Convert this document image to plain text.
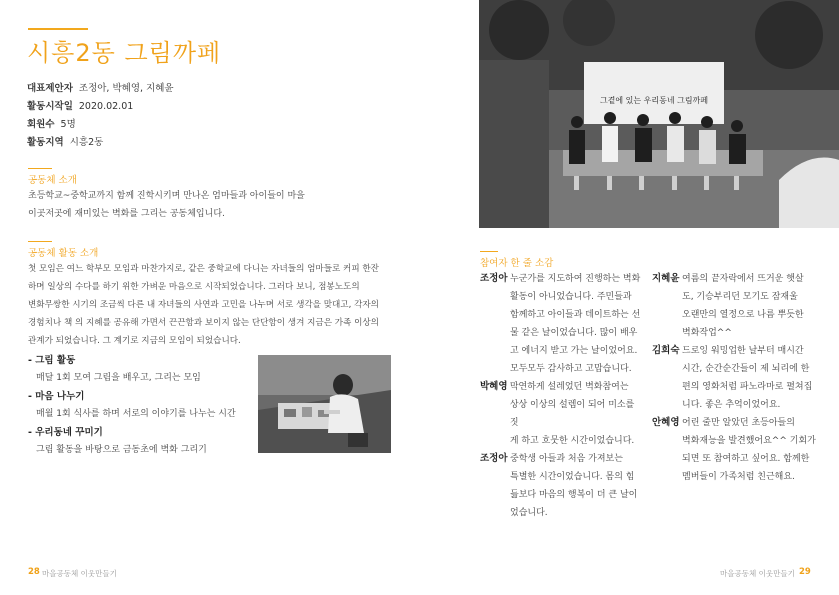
시흥2동 그림까페
대표제안자 조정아, 박혜영, 지혜윤
활동시작일 2020.02.01
회원수 5명
활동지역 시흥2동
공동체 소개
초등학교~중학교까지 함께 진학시키며 만나온 엄마들과 아이들이 마을
이곳저곳에 재미있는 벽화를 그리는 공동체입니다.
공동체 활동 소개
첫 모임은 여느 학부모 모임과 마찬가지로, 같은 중학교에 다니는 자녀들의 엄마들로 커피 한잔
하며 일상의 수다를 하기 위한 가벼운 마음으로 시작되었습니다. 그러다 보니, 점봉노도의
변화무쌍한 시기의 조금씩 다른 내 자녀들의 사연과 고민을 나누며 서로 생각을 맞대고, 각자의
경험치나 책 의 지혜를 공유해 가면서 끈끈함과 보이지 않는 단단함이 생겨 지금은 가족 이상의
관계가 되었습니다. 그 계기로 지금의 모임이 되었습니다.
- 그림 활동
매달 1회 모여 그림을 배우고, 그리는 모임
- 마음 나누기
매월 1회 식사를 하며 서로의 이야기를 나누는 시간
- 우리동네 꾸미기
그림 활동을 바탕으로 금동초에 벽화 그리기
28 마을공동체 이웃만들기
그곁에 있는 우리동네 그림까페
참여자 한 줄 소감
조정아 누군가를 지도하여 진행하는 벽화
활동이 아니었습니다. 주민들과
함께하고 아이들과 데이트하는 선
물 같은 날이었습니다. 많이 배우
고 에너지 받고 가는 날이었어요.
모두모두 감사하고 고맙습니다.
박혜영 막연하게 설레었던 벽화참여는
상상 이상의 설렘이 되어 미소를 짓
게 하고 흐뭇한 시간이었습니다.
조정아 중학생 아들과 처음 가져보는
특별한 시간이었습니다. 몸의 힘
듦보다 마음의 행복이 더 큰 날이
었습니다.
지혜윤 여름의 끝자락에서 뜨거운 햇살
도, 기승부리던 모기도 잠재울
오랜만의 열정으로 나름 뿌듯한
벽화작업^^
김희숙 드로잉 워밍업한 날부터 매시간
시간, 순간순간들이 제 뇌리에 한
편의 영화처럼 파노라마로 펼쳐집
니다. 좋은 추억이었어요.
안혜영 어린 줄만 알았던 초등아들의
벽화재능을 발견했어요^^ 기회가
되면 또 참여하고 싶어요. 함께한
멤버들이 가족처럼 친근해요.
마을공동체 이웃만들기 29
